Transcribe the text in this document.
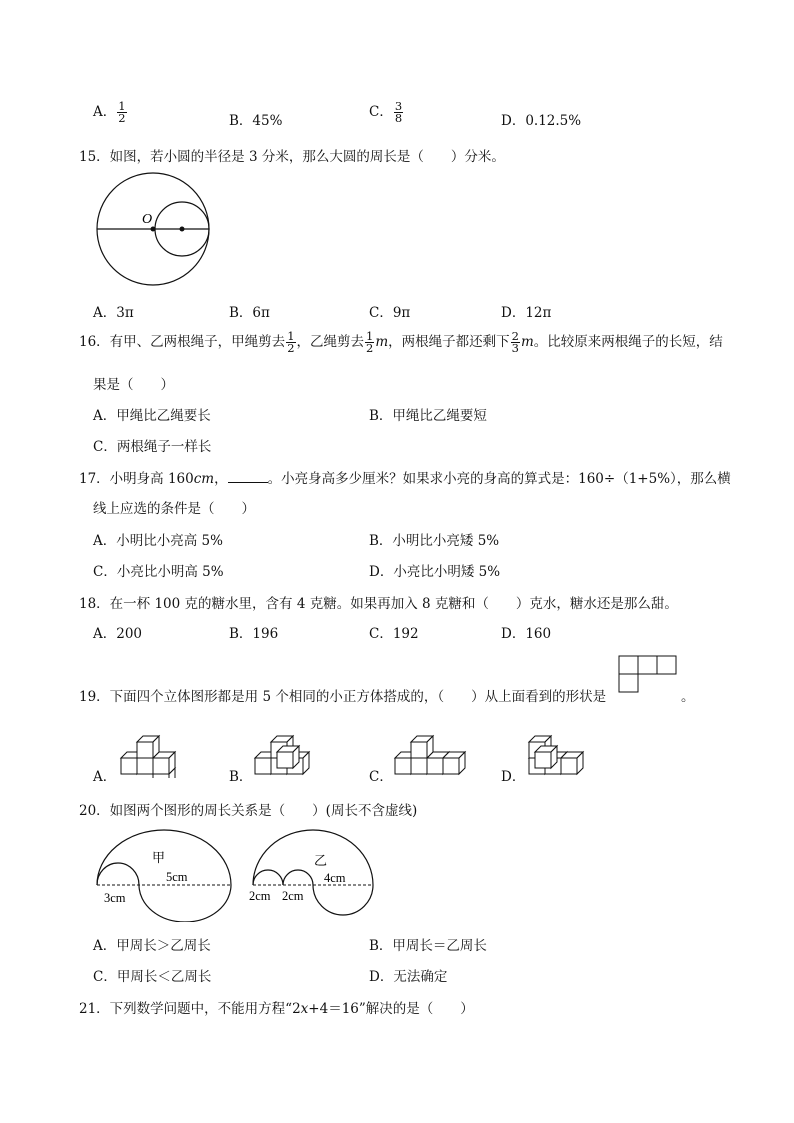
A． $\frac{1}{2}$	B．45%
C． $\frac{3}{8}$	D．0.12.5%
15．如图，若小圆的半径是 3 分米，那么大圆的周长是（　　）分米。
O
A．3π	B．6π	C．9π	D．12π
16．有甲、乙两根绳子，甲绳剪去 $\frac{1}{2}$ ，乙绳剪去 $\frac{1}{2}$ m，两根绳子都还剩下 $\frac{2}{3}$ m。比较原来两根绳子的长短，结
果是（　　）
A．甲绳比乙绳要长	B．甲绳比乙绳要短
C．两根绳子一样长
17．小明身高 160cm，	。小亮身高多少厘米？如果求小亮的身高的算式是：160÷（1+5%），那么横
线上应选的条件是（　　）
A．小明比小亮高 5%	B．小明比小亮矮 5%
C．小亮比小明高 5%	D．小亮比小明矮 5%
18．在一杯 100 克的糖水里，含有 4 克糖。如果再加入 8 克糖和（　　）克水，糖水还是那么甜。
A．200	B．196	C．192	D．160
19．下面四个立体图形都是用 5 个相同的小正方体搭成的，（　　）从上面看到的形状是	。
A．	B．	C．	D．
20．如图两个图形的周长关系是（　　）(周长不含虚线)
甲
5cm
3cm
乙
4cm
2cm 2cm
A．甲周长＞乙周长	B．甲周长＝乙周长
C．甲周长＜乙周长	D．无法确定
21．下列数学问题中，不能用方程“2x+4＝16”解决的是（　　）
